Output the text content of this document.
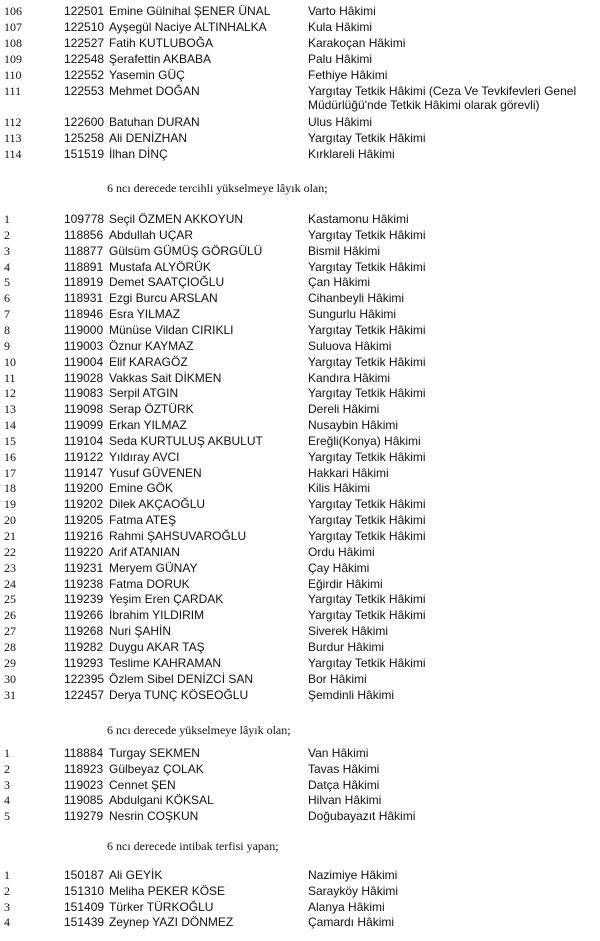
106	122501 Emine Gülnihal ŞENER ÜNAL	Varto Hâkimi
107	122510 Ayşegül Naciye ALTINHALKA	Kula Hâkimi
108	122527 Fatih KUTLUBOĞA	Karakoçan Hâkimi
109	122548 Şerafettin AKBABA	Palu Hâkimi
110	122552 Yasemin GÜÇ	Fethiye Hâkimi
111	122553 Mehmet DOĞAN	Yargıtay Tetkik Hâkimi (Ceza Ve Tevkifevleri Genel Müdürlüğü'nde Tetkik Hâkimi olarak görevli)
112	122600 Batuhan DURAN	Ulus Hâkimi
113	125258 Ali DENİZHAN	Yargıtay Tetkik Hâkimi
114	151519 İlhan DİNÇ	Kırklareli Hâkimi
6 ncı derecede tercihli yükselmeye lâyık olan;
1	109778 Seçil ÖZMEN AKKOYUN	Kastamonu Hâkimi
2	118856 Abdullah UÇAR	Yargıtay Tetkik Hâkimi
3	118877 Gülsüm GÜMÜŞ GÖRGÜLÜ	Bismil Hâkimi
4	118891 Mustafa ALYÖRÜK	Yargıtay Tetkik Hâkimi
5	118919 Demet SAATÇIOĞLU	Çan Hâkimi
6	118931 Ezgi Burcu ARSLAN	Cihanbeyli Hâkimi
7	118946 Esra YILMAZ	Sungurlu Hâkimi
8	119000 Münüse Vildan CIRIKLI	Yargıtay Tetkik Hâkimi
9	119003 Öznur KAYMAZ	Suluova Hâkimi
10	119004 Elif KARAGÖZ	Yargıtay Tetkik Hâkimi
11	119028 Vakkas Sait DİKMEN	Kandıra Hâkimi
12	119083 Serpil ATGIN	Yargıtay Tetkik Hâkimi
13	119098 Serap ÖZTÜRK	Dereli Hâkimi
14	119099 Erkan YILMAZ	Nusaybin Hâkimi
15	119104 Seda KURTULUŞ AKBULUT	Ereğli(Konya) Hâkimi
16	119122 Yıldıray AVCI	Yargıtay Tetkik Hâkimi
17	119147 Yusuf GÜVENEN	Hakkari Hâkimi
18	119200 Emine GÖK	Kilis Hâkimi
19	119202 Dilek AKÇAOĞLU	Yargıtay Tetkik Hâkimi
20	119205 Fatma ATEŞ	Yargıtay Tetkik Hâkimi
21	119216 Rahmi ŞAHSUVAROĞLU	Yargıtay Tetkik Hâkimi
22	119220 Arif ATANIAN	Ordu Hâkimi
23	119231 Meryem GÜNAY	Çay Hâkimi
24	119238 Fatma DORUK	Eğirdir Hâkimi
25	119239 Yeşim Eren ÇARDAK	Yargıtay Tetkik Hâkimi
26	119266 İbrahim YILDIRIM	Yargıtay Tetkik Hâkimi
27	119268 Nuri ŞAHİN	Siverek Hâkimi
28	119282 Duygu AKAR TAŞ	Burdur Hâkimi
29	119293 Teslime KAHRAMAN	Yargıtay Tetkik Hâkimi
30	122395 Özlem Sibel DENİZCİ SAN	Bor Hâkimi
31	122457 Derya TUNÇ KÖSEOĞLU	Şemdinli Hâkimi
6 ncı derecede yükselmeye lâyık olan;
1	118884 Turgay SEKMEN	Van Hâkimi
2	118923 Gülbeyaz ÇOLAK	Tavas Hâkimi
3	119023 Cennet ŞEN	Datça Hâkimi
4	119085 Abdulgani KÖKSAL	Hilvan Hâkimi
5	119279 Nesrin COŞKUN	Doğubayazıt Hâkimi
6 ncı derecede intibak terfisi yapan;
1	150187 Ali GEYİK	Nazimiye Hâkimi
2	151310 Meliha PEKER KÖSE	Sarayköy Hâkimi
3	151409 Türker TÜRKOĞLU	Alanya Hâkimi
4	151439 Zeynep YAZI DÖNMEZ	Çamardı Hâkimi
